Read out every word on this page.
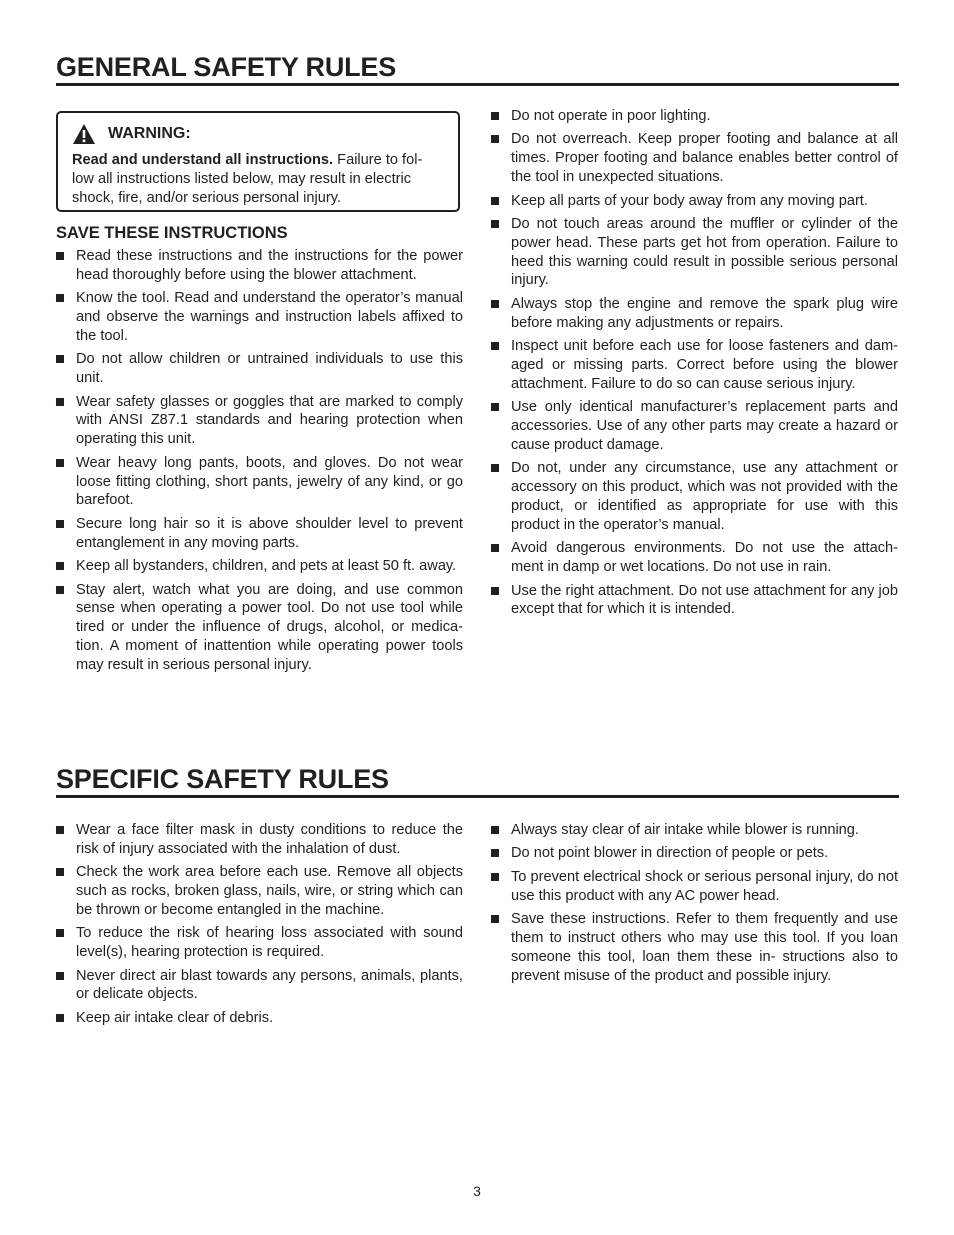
GENERAL SAFETY RULES
WARNING:

Read and understand all instructions. Failure to fol- low all instructions listed below, may result in electric shock, fire, and/or serious personal injury.

SAVE THESE INSTRUCTIONS
Read these instructions and the instructions for the power head thoroughly before using the blower attachment.
Know the tool. Read and understand the operator’s manual and observe the warnings and instruction labels affixed to the tool.
Do not allow children or untrained individuals to use this unit.
Wear safety glasses or goggles that are marked to comply with ANSI Z87.1 standards and hearing protection when operating this unit.
Wear heavy long pants, boots, and gloves. Do not wear loose fitting clothing, short pants, jewelry of any kind, or go barefoot.
Secure long hair so it is above shoulder level to prevent entanglement in any moving parts.
Keep all bystanders, children, and pets at least 50 ft. away.
Stay alert, watch what you are doing, and use common sense when operating a power tool. Do not use tool while tired or under the influence of drugs, alcohol, or medica- tion. A moment of inattention while operating power tools may result in serious personal injury.
Do not operate in poor lighting.
Do not overreach. Keep proper footing and balance at all times. Proper footing and balance enables better control of the tool in unexpected situations.
Keep all parts of your body away from any moving part.
Do not touch areas around the muffler or cylinder of the power head. These parts get hot from operation. Failure to heed this warning could result in possible serious personal injury.
Always stop the engine and remove the spark plug wire before making any adjustments or repairs.
Inspect unit before each use for loose fasteners and dam- aged or missing parts. Correct before using the blower attachment. Failure to do so can cause serious injury.
Use only identical manufacturer’s replacement parts and accessories. Use of any other parts may create a hazard or cause product damage.
Do not, under any circumstance, use any attachment or accessory on this product, which was not provided with the product, or identified as appropriate for use with this product in the operator’s manual.
Avoid dangerous environments. Do not use the attach- ment in damp or wet locations. Do not use in rain.
Use the right attachment. Do not use attachment for any job except that for which it is intended.
SPECIFIC SAFETY RULES
Wear a face filter mask in dusty conditions to reduce the risk of injury associated with the inhalation of dust.
Check the work area before each use. Remove all objects such as rocks, broken glass, nails, wire, or string which can be thrown or become entangled in the machine.
To reduce the risk of hearing loss associated with sound level(s), hearing protection is required.
Never direct air blast towards any persons, animals, plants, or delicate objects.
Keep air intake clear of debris.
Always stay clear of air intake while blower is running.
Do not point blower in direction of people or pets.
To prevent electrical shock or serious personal injury, do not use this product with any AC power head.
Save these instructions. Refer to them frequently and use them to instruct others who may use this tool. If you loan someone this tool, loan them these in- structions also to prevent misuse of the product and possible injury.
3
